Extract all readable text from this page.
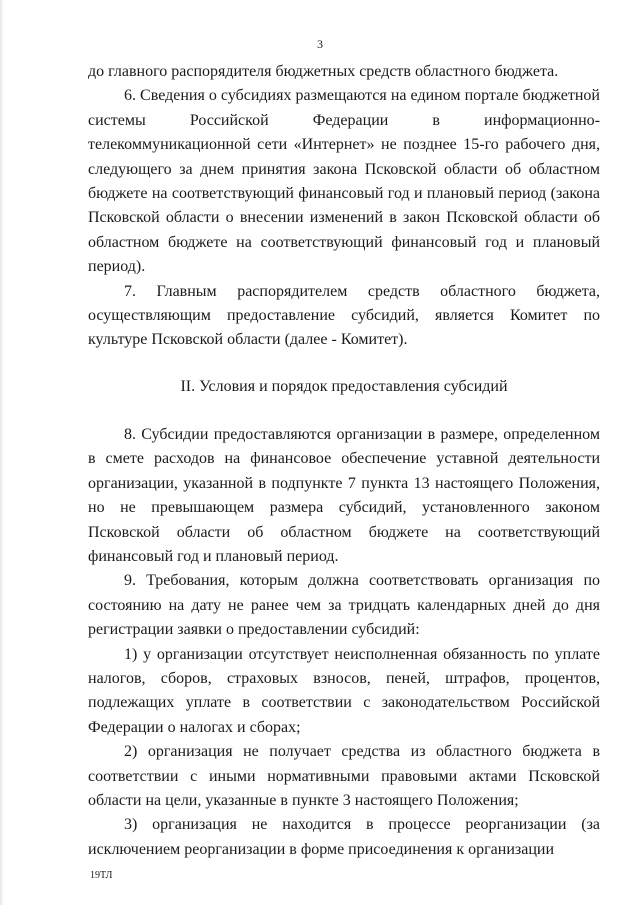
3

до главного распорядителя бюджетных средств областного бюджета.

6. Сведения о субсидиях размещаются на едином портале бюджетной системы Российской Федерации в информационно-телекоммуникационной сети «Интернет» не позднее 15-го рабочего дня, следующего за днем принятия закона Псковской области об областном бюджете на соответствующий финансовый год и плановый период (закона Псковской области о внесении изменений в закон Псковской области об областном бюджете на соответствующий финансовый год и плановый период).

7. Главным распорядителем средств областного бюджета, осуществляющим предоставление субсидий, является Комитет по культуре Псковской области (далее - Комитет).

II. Условия и порядок предоставления субсидий

8. Субсидии предоставляются организации в размере, определенном в смете расходов на финансовое обеспечение уставной деятельности организации, указанной в подпункте 7 пункта 13 настоящего Положения, но не превышающем размера субсидий, установленного законом Псковской области об областном бюджете на соответствующий финансовый год и плановый период.

9. Требования, которым должна соответствовать организация по состоянию на дату не ранее чем за тридцать календарных дней до дня регистрации заявки о предоставлении субсидий:

1) у организации отсутствует неисполненная обязанность по уплате налогов, сборов, страховых взносов, пеней, штрафов, процентов, подлежащих уплате в соответствии с законодательством Российской Федерации о налогах и сборах;

2) организация не получает средства из областного бюджета в соответствии с иными нормативными правовыми актами Псковской области на цели, указанные в пункте 3 настоящего Положения;

3) организация не находится в процессе реорганизации (за исключением реорганизации в форме присоединения к организации

19ТЛ
